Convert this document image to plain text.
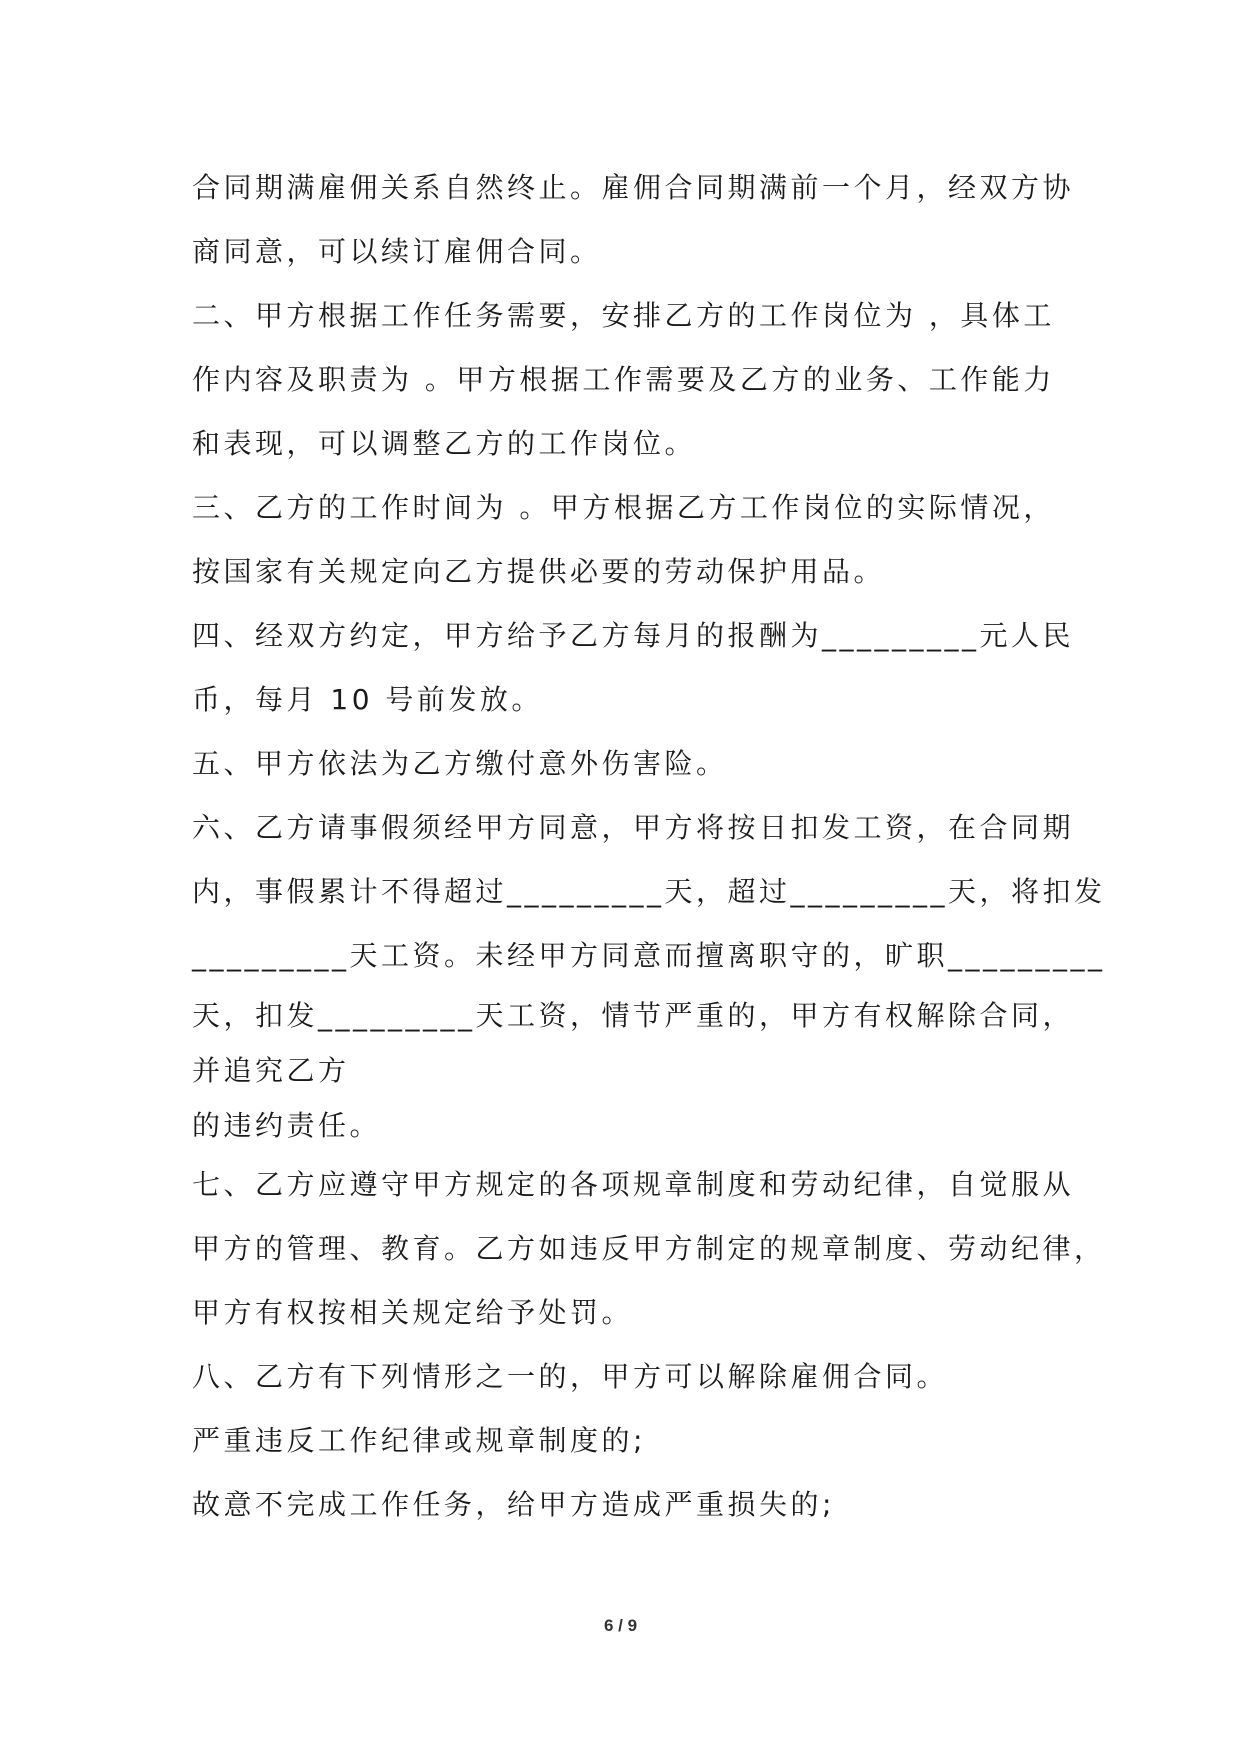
合同期满雇佣关系自然终止。雇佣合同期满前一个月，经双方协
商同意，可以续订雇佣合同。
二、甲方根据工作任务需要，安排乙方的工作岗位为 ，具体工
作内容及职责为 。甲方根据工作需要及乙方的业务、工作能力
和表现，可以调整乙方的工作岗位。
三、乙方的工作时间为 。甲方根据乙方工作岗位的实际情况，
按国家有关规定向乙方提供必要的劳动保护用品。
四、经双方约定，甲方给予乙方每月的报酬为_________元人民
币，每月 10 号前发放。
五、甲方依法为乙方缴付意外伤害险。
六、乙方请事假须经甲方同意，甲方将按日扣发工资，在合同期
内，事假累计不得超过_________天，超过_________天，将扣发
_________天工资。未经甲方同意而擅离职守的，旷职_________
天，扣发_________天工资，情节严重的，甲方有权解除合同，
并追究乙方
的违约责任。
七、乙方应遵守甲方规定的各项规章制度和劳动纪律，自觉服从
甲方的管理、教育。乙方如违反甲方制定的规章制度、劳动纪律，
甲方有权按相关规定给予处罚。
八、乙方有下列情形之一的，甲方可以解除雇佣合同。
严重违反工作纪律或规章制度的;
故意不完成工作任务，给甲方造成严重损失的;
6 / 9
